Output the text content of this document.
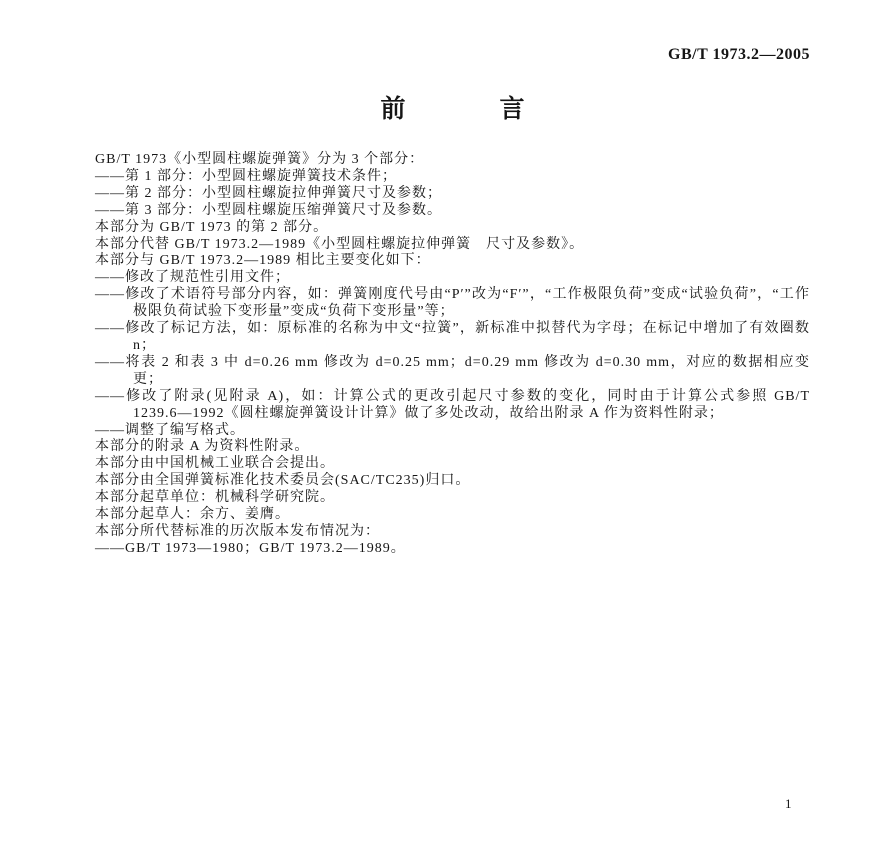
GB/T 1973.2—2005
前	言

GB/T 1973《小型圆柱螺旋弹簧》分为 3 个部分：

——第 1 部分：小型圆柱螺旋弹簧技术条件；

——第 2 部分：小型圆柱螺旋拉伸弹簧尺寸及参数；

——第 3 部分：小型圆柱螺旋压缩弹簧尺寸及参数。

本部分为 GB/T 1973 的第 2 部分。

本部分代替 GB/T 1973.2—1989《小型圆柱螺旋拉伸弹簧　尺寸及参数》。

本部分与 GB/T 1973.2—1989 相比主要变化如下：

——修改了规范性引用文件；

——修改了术语符号部分内容，如：弹簧刚度代号由“P′”改为“F′”，“工作极限负荷”变成“试验负荷”，“工作极限负荷试验下变形量”变成“负荷下变形量”等；

——修改了标记方法，如：原标准的名称为中文“拉簧”，新标准中拟替代为字母；在标记中增加了有效圈数 n；

——将表 2 和表 3 中 d=0.26 mm 修改为 d=0.25 mm；d=0.29 mm 修改为 d=0.30 mm，对应的数据相应变更；

——修改了附录(见附录 A)，如：计算公式的更改引起尺寸参数的变化，同时由于计算公式参照 GB/T 1239.6—1992《圆柱螺旋弹簧设计计算》做了多处改动，故给出附录 A 作为资料性附录；

——调整了编写格式。

本部分的附录 A 为资料性附录。

本部分由中国机械工业联合会提出。

本部分由全国弹簧标准化技术委员会(SAC/TC235)归口。

本部分起草单位：机械科学研究院。

本部分起草人：余方、姜膺。

本部分所代替标准的历次版本发布情况为：

——GB/T 1973—1980；GB/T 1973.2—1989。

1
